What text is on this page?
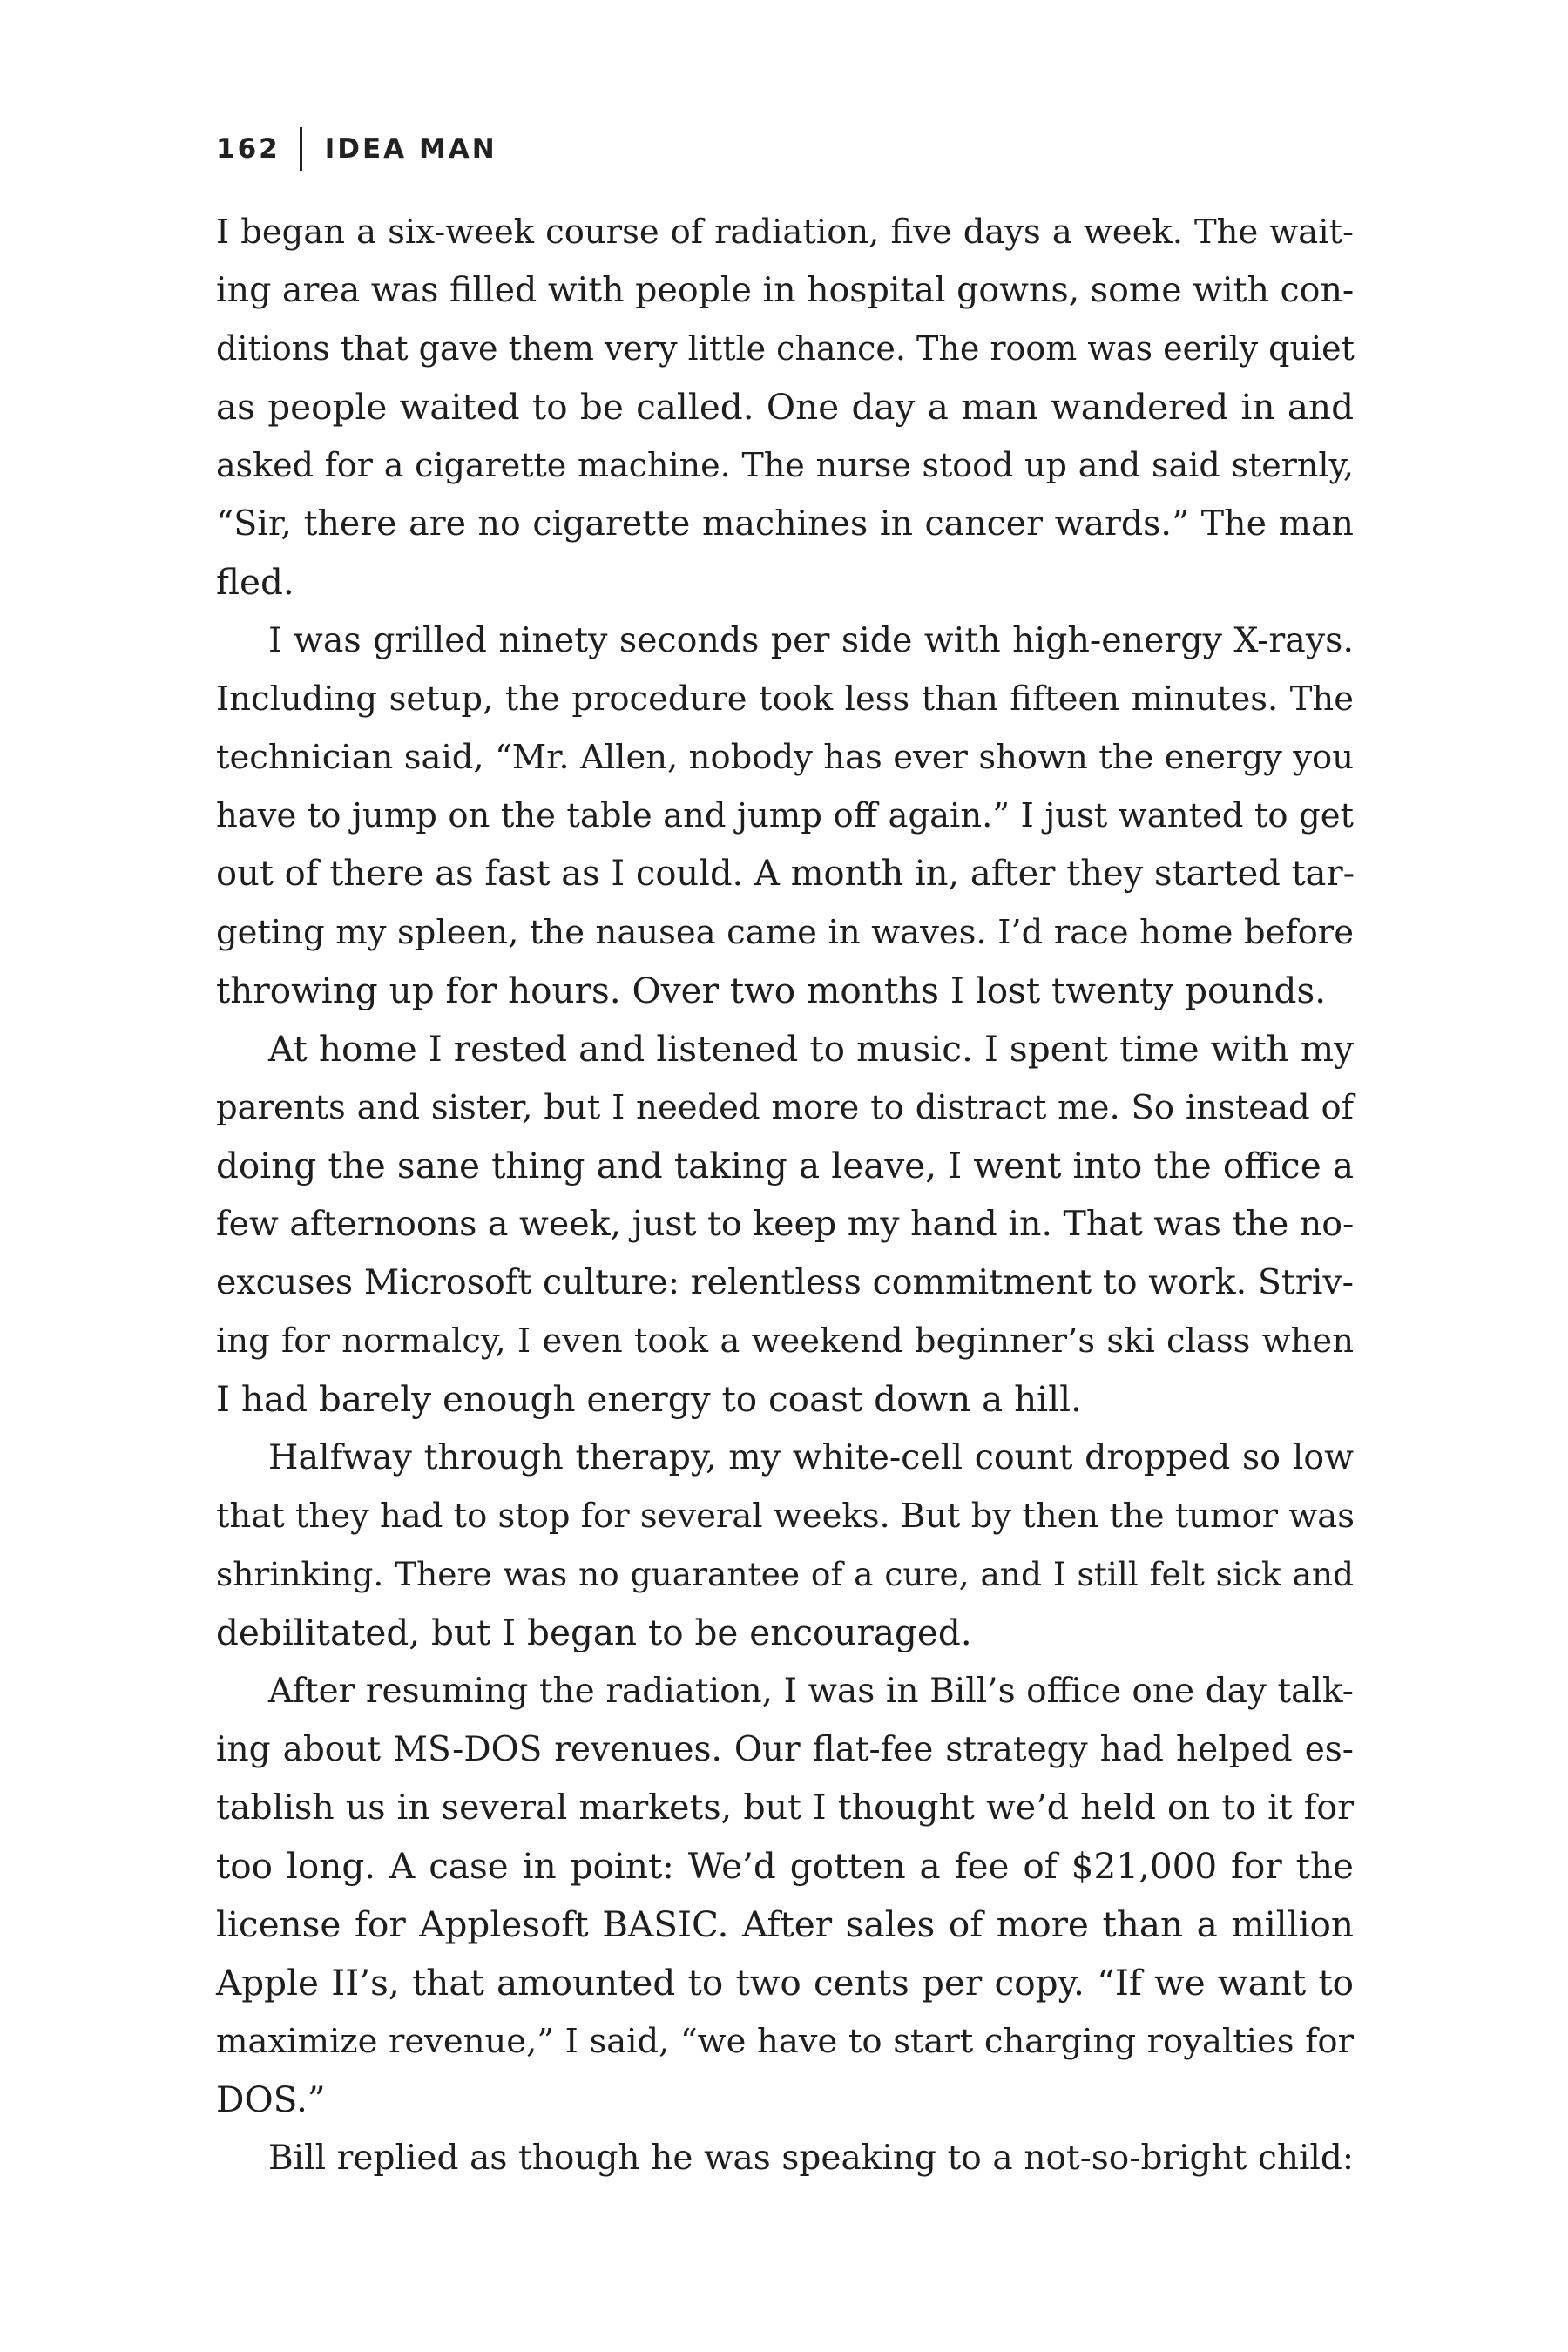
162 IDEA MAN
I began a six-week course of radiation, five days a week. The wait-
ing area was filled with people in hospital gowns, some with con-
ditions that gave them very little chance. The room was eerily quiet
as people waited to be called. One day a man wandered in and
asked for a cigarette machine. The nurse stood up and said sternly,
“Sir, there are no cigarette machines in cancer wards.” The man
fled.
I was grilled ninety seconds per side with high-energy X-rays.
Including setup, the procedure took less than fifteen minutes. The
technician said, “Mr. Allen, nobody has ever shown the energy you
have to jump on the table and jump off again.” I just wanted to get
out of there as fast as I could. A month in, after they started tar-
geting my spleen, the nausea came in waves. I’d race home before
throwing up for hours. Over two months I lost twenty pounds.
At home I rested and listened to music. I spent time with my
parents and sister, but I needed more to distract me. So instead of
doing the sane thing and taking a leave, I went into the office a
few afternoons a week, just to keep my hand in. That was the no-
excuses Microsoft culture: relentless commitment to work. Striv-
ing for normalcy, I even took a weekend beginner’s ski class when
I had barely enough energy to coast down a hill.
Halfway through therapy, my white-cell count dropped so low
that they had to stop for several weeks. But by then the tumor was
shrinking. There was no guarantee of a cure, and I still felt sick and
debilitated, but I began to be encouraged.
After resuming the radiation, I was in Bill’s office one day talk-
ing about MS-DOS revenues. Our flat-fee strategy had helped es-
tablish us in several markets, but I thought we’d held on to it for
too long. A case in point: We’d gotten a fee of $21,000 for the
license for Applesoft BASIC. After sales of more than a million
Apple II’s, that amounted to two cents per copy. “If we want to
maximize revenue,” I said, “we have to start charging royalties for
DOS.”
Bill replied as though he was speaking to a not-so-bright child:
